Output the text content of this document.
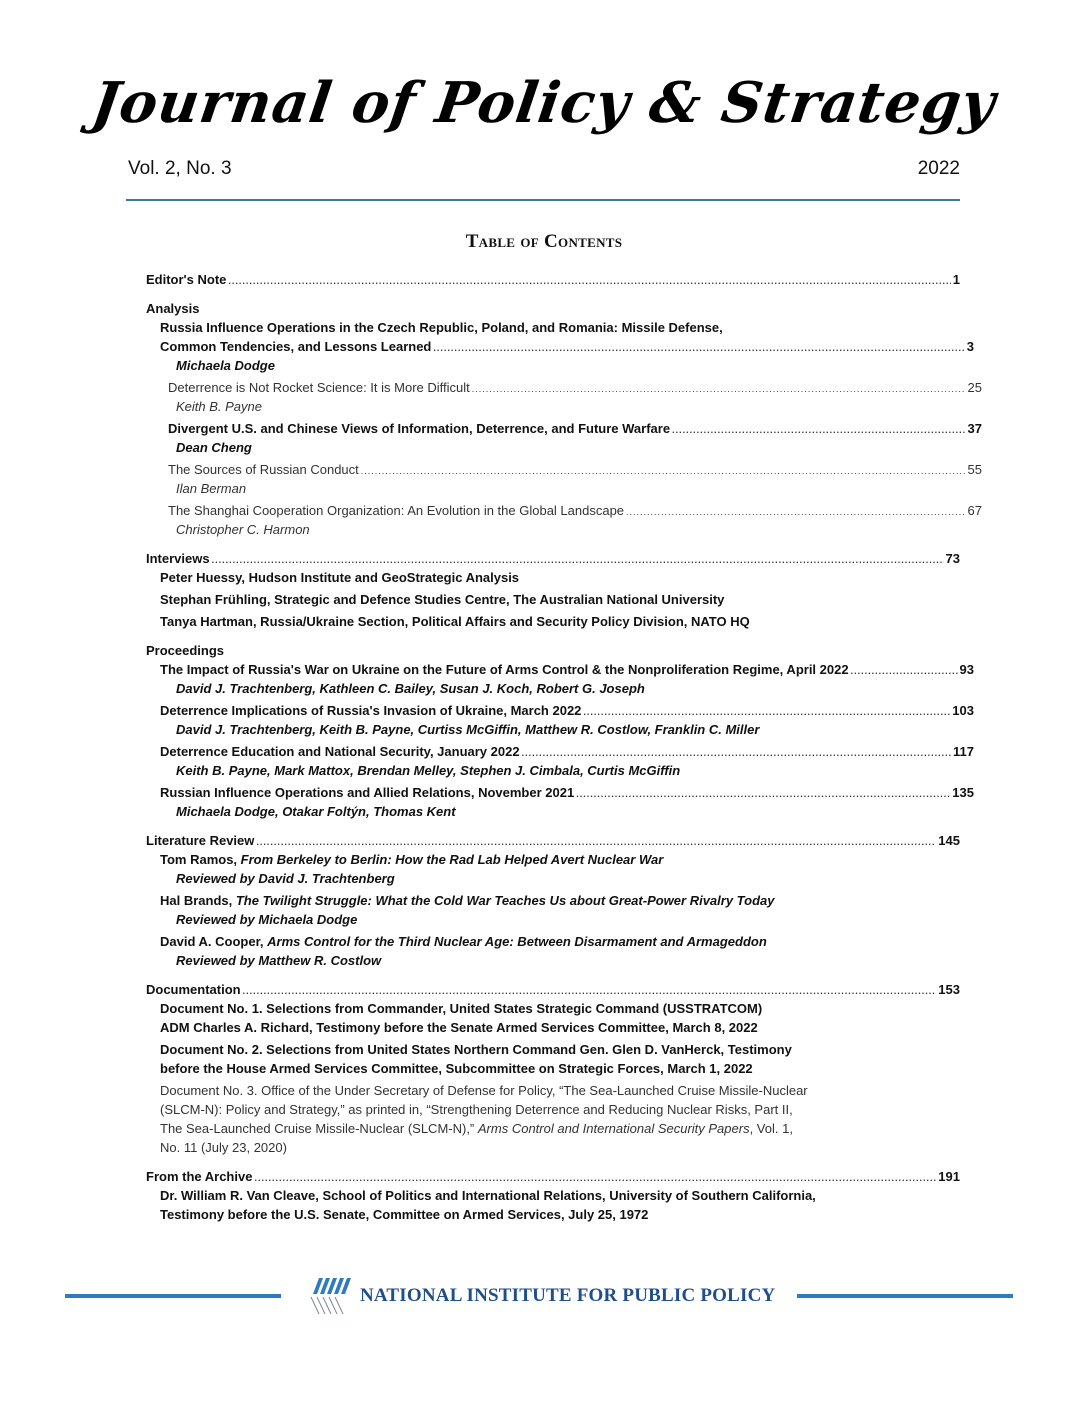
Journal of Policy & Strategy
Vol. 2, No. 3	2022
Table of Contents
Editor's Note .....	1
Analysis
Russia Influence Operations in the Czech Republic, Poland, and Romania: Missile Defense,
Common Tendencies, and Lessons Learned .....	3
Michaela Dodge
Deterrence is Not Rocket Science: It is More Difficult .....	25
Keith B. Payne
Divergent U.S. and Chinese Views of Information, Deterrence, and Future Warfare .....	37
Dean Cheng
The Sources of Russian Conduct .....	55
Ilan Berman
The Shanghai Cooperation Organization: An Evolution in the Global Landscape .....	67
Christopher C. Harmon
Interviews .....	73
Peter Huessy, Hudson Institute and GeoStrategic Analysis
Stephan Frühling, Strategic and Defence Studies Centre, The Australian National University
Tanya Hartman, Russia/Ukraine Section, Political Affairs and Security Policy Division, NATO HQ
Proceedings
The Impact of Russia's War on Ukraine on the Future of Arms Control & the Nonproliferation Regime, April 2022 .....	93
David J. Trachtenberg, Kathleen C. Bailey, Susan J. Koch, Robert G. Joseph
Deterrence Implications of Russia's Invasion of Ukraine, March 2022 .....	103
David J. Trachtenberg, Keith B. Payne, Curtiss McGiffin, Matthew R. Costlow, Franklin C. Miller
Deterrence Education and National Security, January 2022 .....	117
Keith B. Payne, Mark Mattox, Brendan Melley, Stephen J. Cimbala, Curtis McGiffin
Russian Influence Operations and Allied Relations, November 2021 .....	135
Michaela Dodge, Otakar Foltýn, Thomas Kent
Literature Review .....	145
Tom Ramos, From Berkeley to Berlin: How the Rad Lab Helped Avert Nuclear War
Reviewed by David J. Trachtenberg
Hal Brands, The Twilight Struggle: What the Cold War Teaches Us about Great-Power Rivalry Today
Reviewed by Michaela Dodge
David A. Cooper, Arms Control for the Third Nuclear Age: Between Disarmament and Armageddon
Reviewed by Matthew R. Costlow
Documentation .....	153
Document No. 1. Selections from Commander, United States Strategic Command (USSTRATCOM)
ADM Charles A. Richard, Testimony before the Senate Armed Services Committee, March 8, 2022
Document No. 2. Selections from United States Northern Command Gen. Glen D. VanHerck, Testimony
before the House Armed Services Committee, Subcommittee on Strategic Forces, March 1, 2022
Document No. 3. Office of the Under Secretary of Defense for Policy, “The Sea-Launched Cruise Missile-Nuclear
(SLCM-N): Policy and Strategy,” as printed in, “Strengthening Deterrence and Reducing Nuclear Risks, Part II,
The Sea-Launched Cruise Missile-Nuclear (SLCM-N),” Arms Control and International Security Papers, Vol. 1,
No. 11 (July 23, 2020)
From the Archive .....	191
Dr. William R. Van Cleave, School of Politics and International Relations, University of Southern California,
Testimony before the U.S. Senate, Committee on Armed Services, July 25, 1972
NATIONAL INSTITUTE FOR PUBLIC POLICY
